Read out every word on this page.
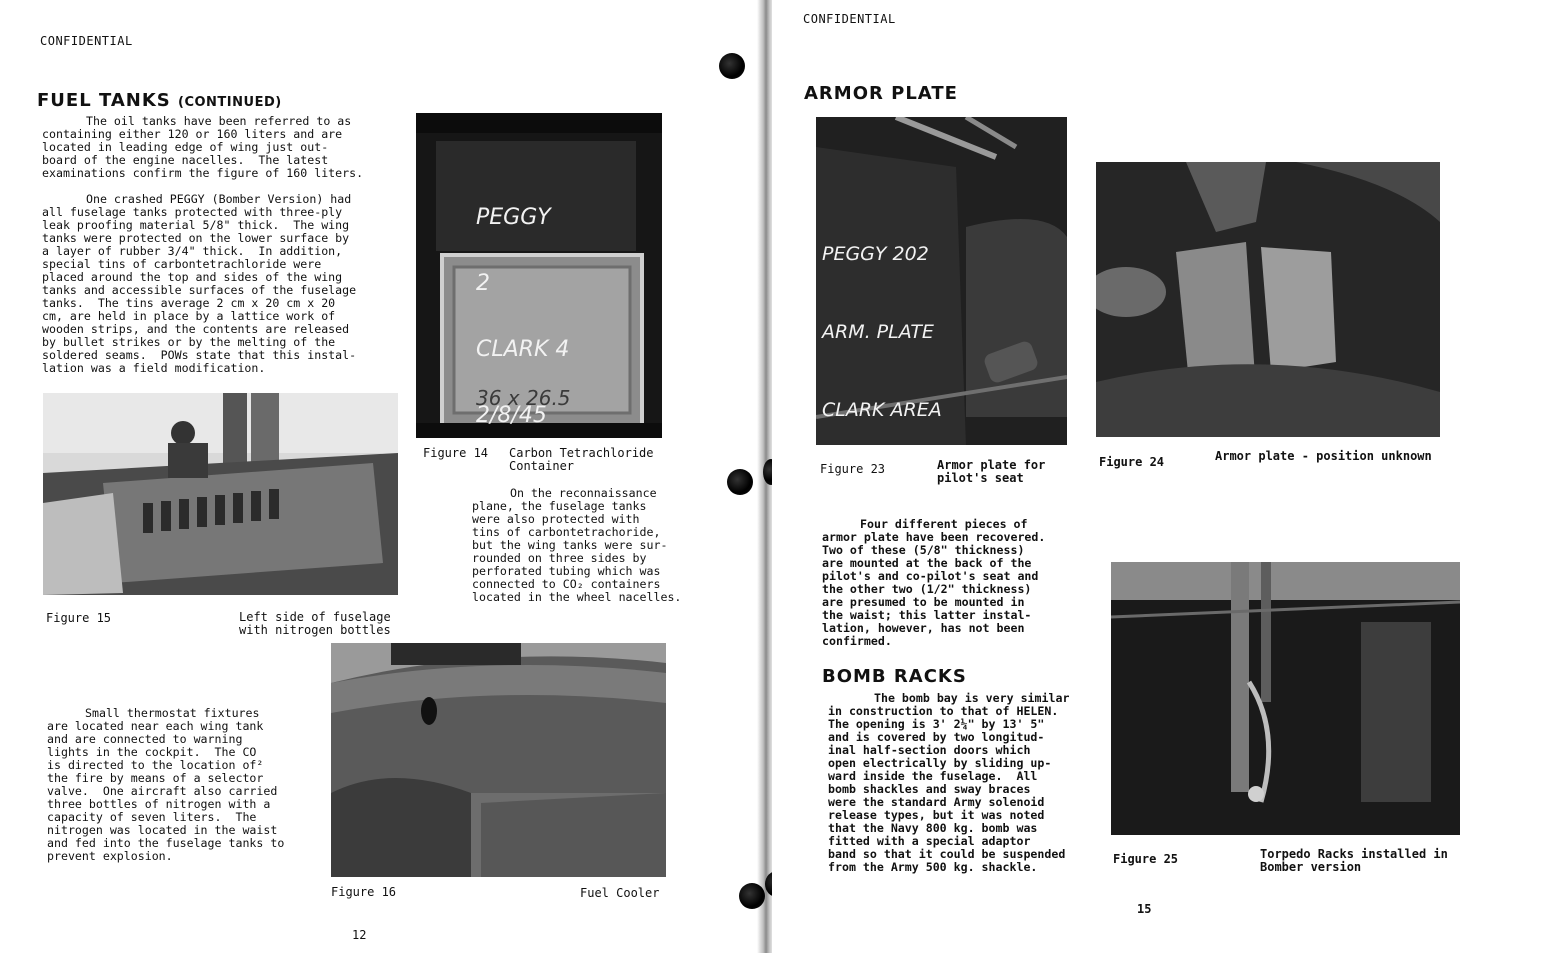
CONFIDENTIAL
FUEL TANKS (CONTINUED)
The oil tanks have been referred to as
containing either 120 or 160 liters and are
located in leading edge of wing just out-
board of the engine nacelles.  The latest
examinations confirm the figure of 160 liters.
One crashed PEGGY (Bomber Version) had
all fuselage tanks protected with three-ply
leak proofing material 5/8" thick.  The wing
tanks were protected on the lower surface by
a layer of rubber 3/4" thick.  In addition,
special tins of carbontetrachloride were
placed around the top and sides of the wing
tanks and accessible surfaces of the fuselage
tanks.  The tins average 2 cm x 20 cm x 20
cm, are held in place by a lattice work of
wooden strips, and the contents are released
by bullet strikes or by the melting of the
soldered seams.  POWs state that this instal-
lation was a field modification.

PEGGY

2

CLARK 4

2/8/45

36 x 26.5

Figure 14 Carbon Tetrachloride
Container
On the reconnaissance
plane, the fuselage tanks
were also protected with
tins of carbontetrachoride,
but the wing tanks were sur-
rounded on three sides by
perforated tubing which was
connected to CO₂ containers
located in the wheel nacelles.
Figure 15	Left side of fuselage
with nitrogen bottles
Small thermostat fixtures
are located near each wing tank
and are connected to warning
lights in the cockpit.  The CO
is directed to the location of²
the fire by means of a selector
valve.  One aircraft also carried
three bottles of nitrogen with a
capacity of seven liters.  The
nitrogen was located in the waist
and fed into the fuselage tanks to
prevent explosion.
Figure 16	Fuel Cooler
12
CONFIDENTIAL
ARMOR PLATE

PEGGY 202

ARM. PLATE

CLARK AREA

Figure 23	Armor plate for
pilot's seat
Figure 24	Armor plate - position unknown
Four different pieces of
armor plate have been recovered.
Two of these (5/8" thickness)
are mounted at the back of the
pilot's and co-pilot's seat and
the other two (1/2" thickness)
are presumed to be mounted in
the waist; this latter instal-
lation, however, has not been
confirmed.
BOMB RACKS
The bomb bay is very similar
in construction to that of HELEN.
The opening is 3' 2¼" by 13' 5"
and is covered by two longitud-
inal half-section doors which
open electrically by sliding up-
ward inside the fuselage.  All
bomb shackles and sway braces
were the standard Army solenoid
release types, but it was noted
that the Navy 800 kg. bomb was
fitted with a special adaptor
band so that it could be suspended
from the Army 500 kg. shackle.
Figure 25	Torpedo Racks installed in
Bomber version
15
